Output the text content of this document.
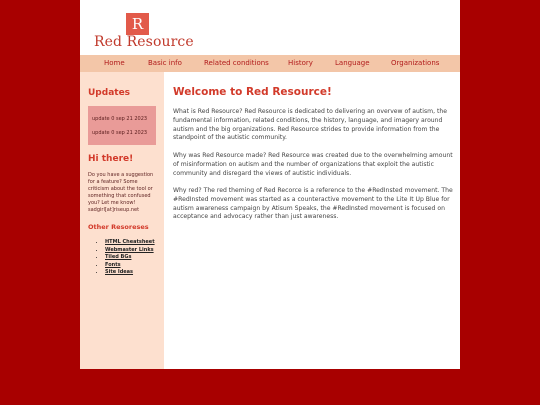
R
Red Resource
Home	Basic info	Related conditions	History	Language	Organizations
Updates
update 0 sep 21 2023
update 0 sep 21 2023
Hi there!

Do you have a suggestion for a feature? Some criticism about the tool or something that confused you? Let me know! sadgirl[at]riseup.net

Other Resoreses
• HTML Cheatsheet
• Webmaster Links
• Tiled BGs
• Fonts
• Site Ideas
Welcome to Red Resource!

What is Red Resource? Red Resource is dedicated to delivering an overvew of autism, the fundamental information, related conditions, the history, language, and imagery around autism and the big organizations. Red Resource strides to provide information from the standpoint of the autistic community.

Why was Red Resource made? Red Resource was created due to the overwhelming amount of misinformation on autism and the number of organizations that exploit the autistic community and disregard the views of autistic individuals.

Why red? The red theming of Red Recorce is a reference to the #RedInsted movement. The #RedInsted movement was started as a counteractive movement to the Lite It Up Blue for autism awareness campaign by Atisum Speaks, the #RedInsted movement is focused on acceptance and advocacy rather than just awareness.
